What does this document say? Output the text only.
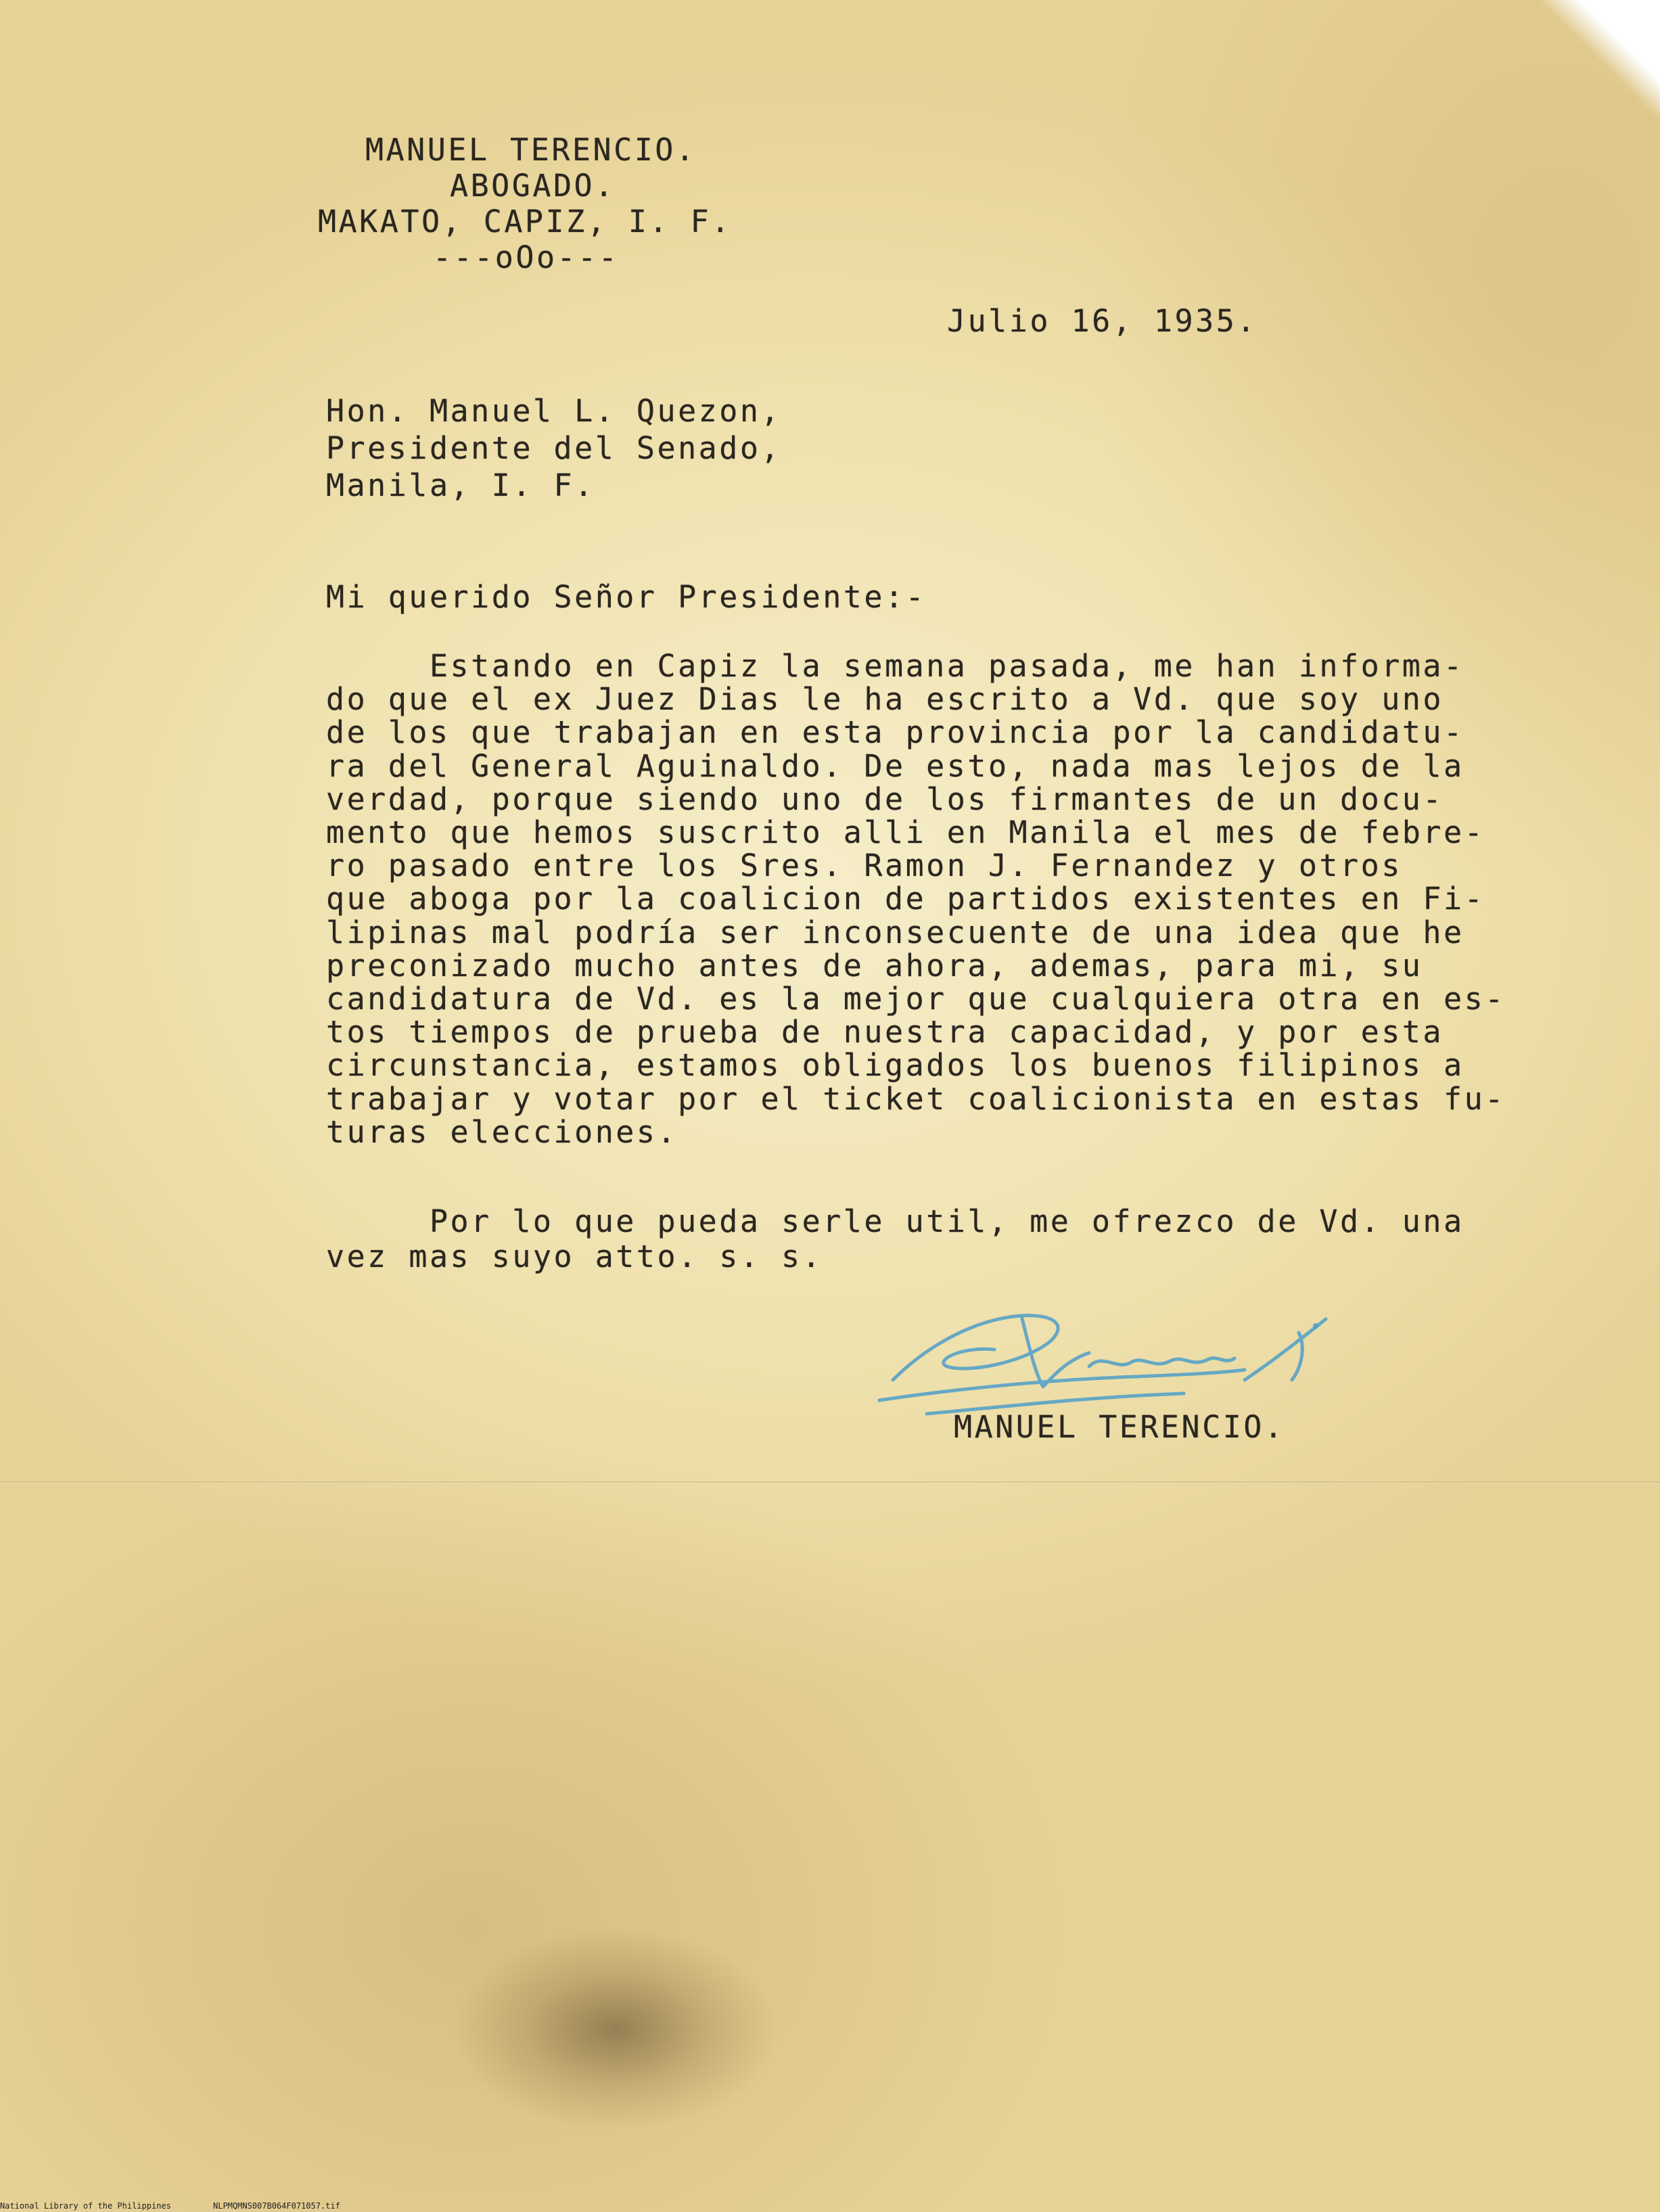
MANUEL TERENCIO.
ABOGADO.
MAKATO, CAPIZ, I. F.
---oOo---
Julio 16, 1935.
Hon. Manuel L. Quezon,
Presidente del Senado,
Manila, I. F.
Mi querido Señor Presidente:-
Estando en Capiz la semana pasada, me han informa-
do que el ex Juez Dias le ha escrito a Vd. que soy uno
de los que trabajan en esta provincia por la candidatu-
ra del General Aguinaldo. De esto, nada mas lejos de la
verdad, porque siendo uno de los firmantes de un docu-
mento que hemos suscrito alli en Manila el mes de febre-
ro pasado entre los Sres. Ramon J. Fernandez y otros
que aboga por la coalicion de partidos existentes en Fi-
lipinas mal podría ser inconsecuente de una idea que he
preconizado mucho antes de ahora, ademas, para mi, su
candidatura de Vd. es la mejor que cualquiera otra en es-
tos tiempos de prueba de nuestra capacidad, y por esta
circunstancia, estamos obligados los buenos filipinos a
trabajar y votar por el ticket coalicionista en estas fu-
turas elecciones.
Por lo que pueda serle util, me ofrezco de Vd. una
vez mas suyo atto. s. s.
MANUEL TERENCIO.
National Library of the Philippines	NLPMQMNS007B064F071057.tif
